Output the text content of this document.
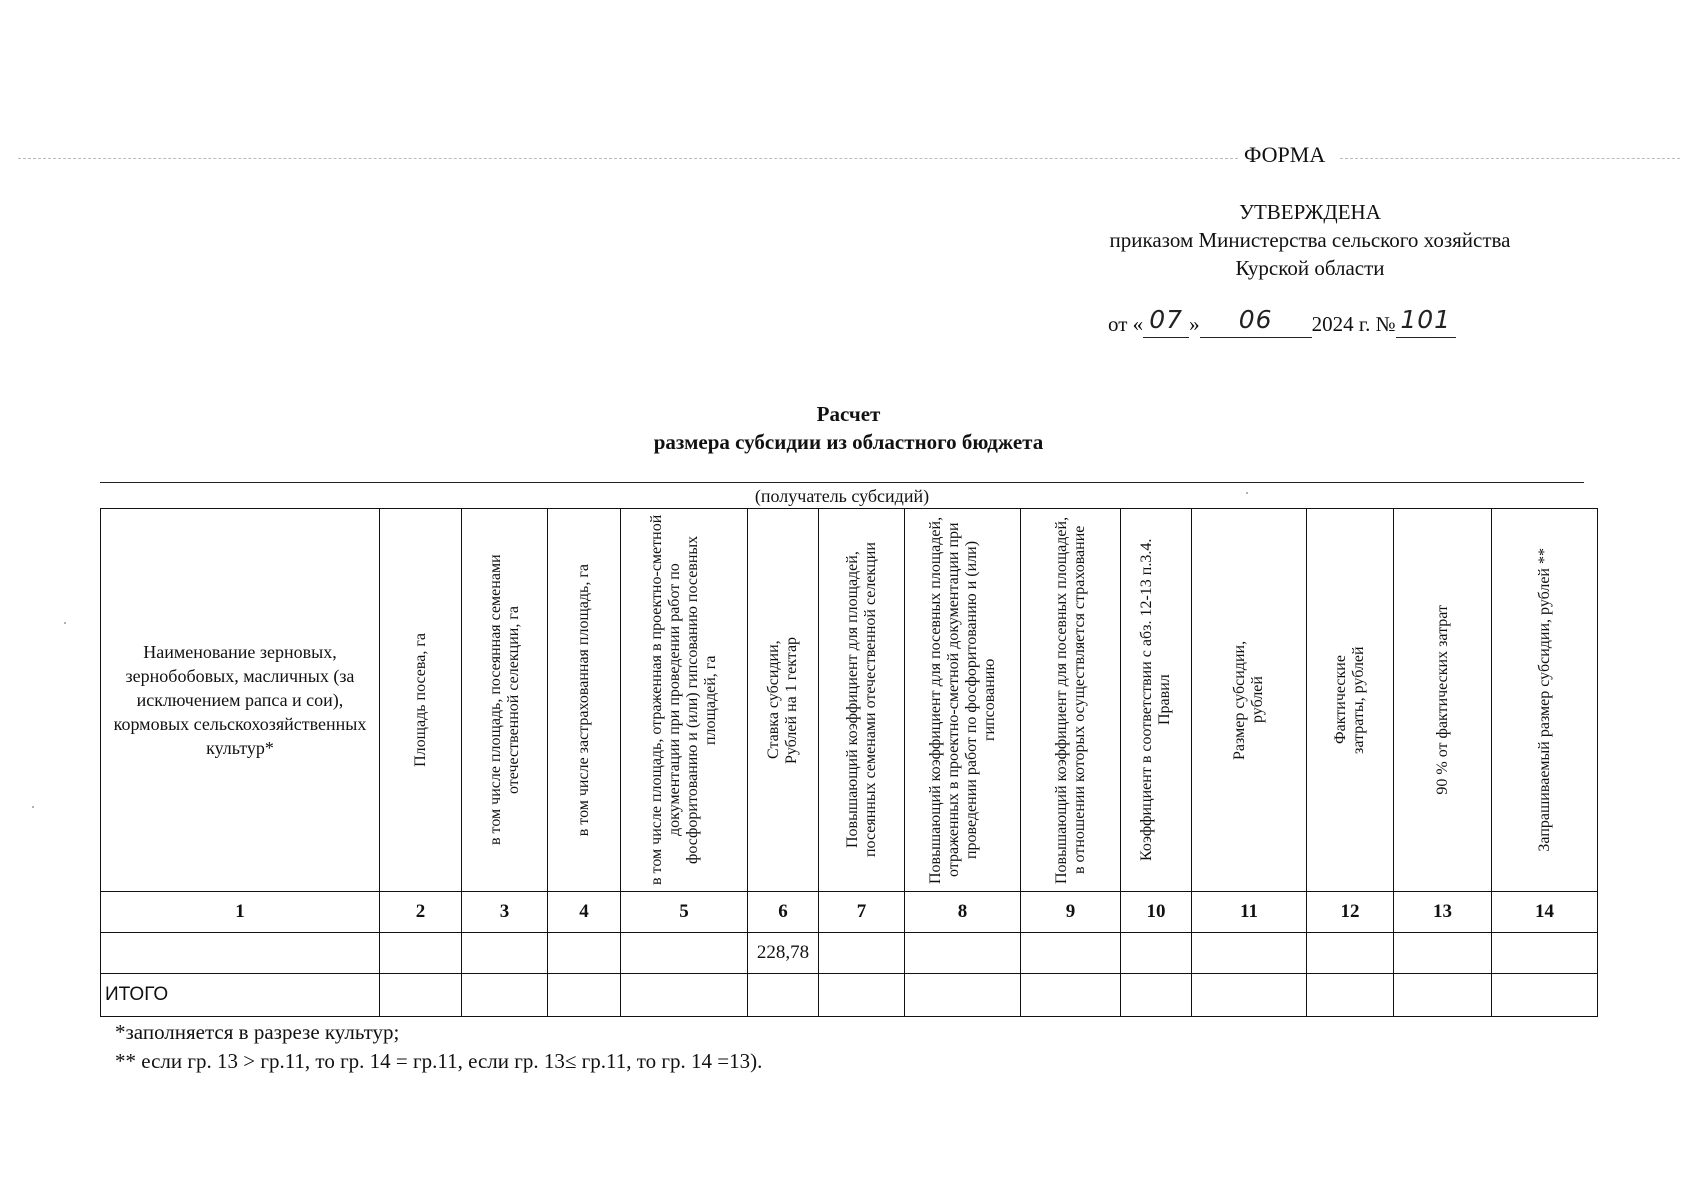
ФОРМА
УТВЕРЖДЕНА
приказом Министерства сельского хозяйства
Курской области
от « 07 » 06 2024 г. № 101
Расчет
размера субсидии из областного бюджета
(получатель субсидий)
Наименование зерновых, зернобобовых, масличных (за исключением рапса и сои), кормовых сельскохозяйственных культур*	Площадь посева, га	в том числе площадь, посеянная семенами отечественной селекции, га	в том числе застрахованная площадь, га	в том числе площадь, отраженная в проектно-сметной документации при проведении работ по фосфоритованию и (или) гипсованию посевных площадей, га	Ставка субсидии, Рублей на 1 гектар	Повышающий коэффициент для площадей, посеянных семенами отечественной селекции	Повышающий коэффициент для посевных площадей, отраженных в проектно-сметной документации при проведении работ по фосфоритованию и (или) гипсованию	Повышающий коэффициент для посевных площадей, в отношении которых осуществляется страхование	Коэффициент в соответствии с абз. 12-13 п.3.4. Правил	Размер субсидии, рублей	Фактические затраты, рублей	90 % от фактических затрат	Запрашиваемый размер субсидии, рублей **

1	2	3	4	5	6	7	8	9	10	11	12	13	14
					228,78								
ИТОГО													
*заполняется в разрезе культур;
** если гр. 13 > гр.11, то гр. 14 = гр.11, если гр. 13≤ гр.11, то гр. 14 =13).
